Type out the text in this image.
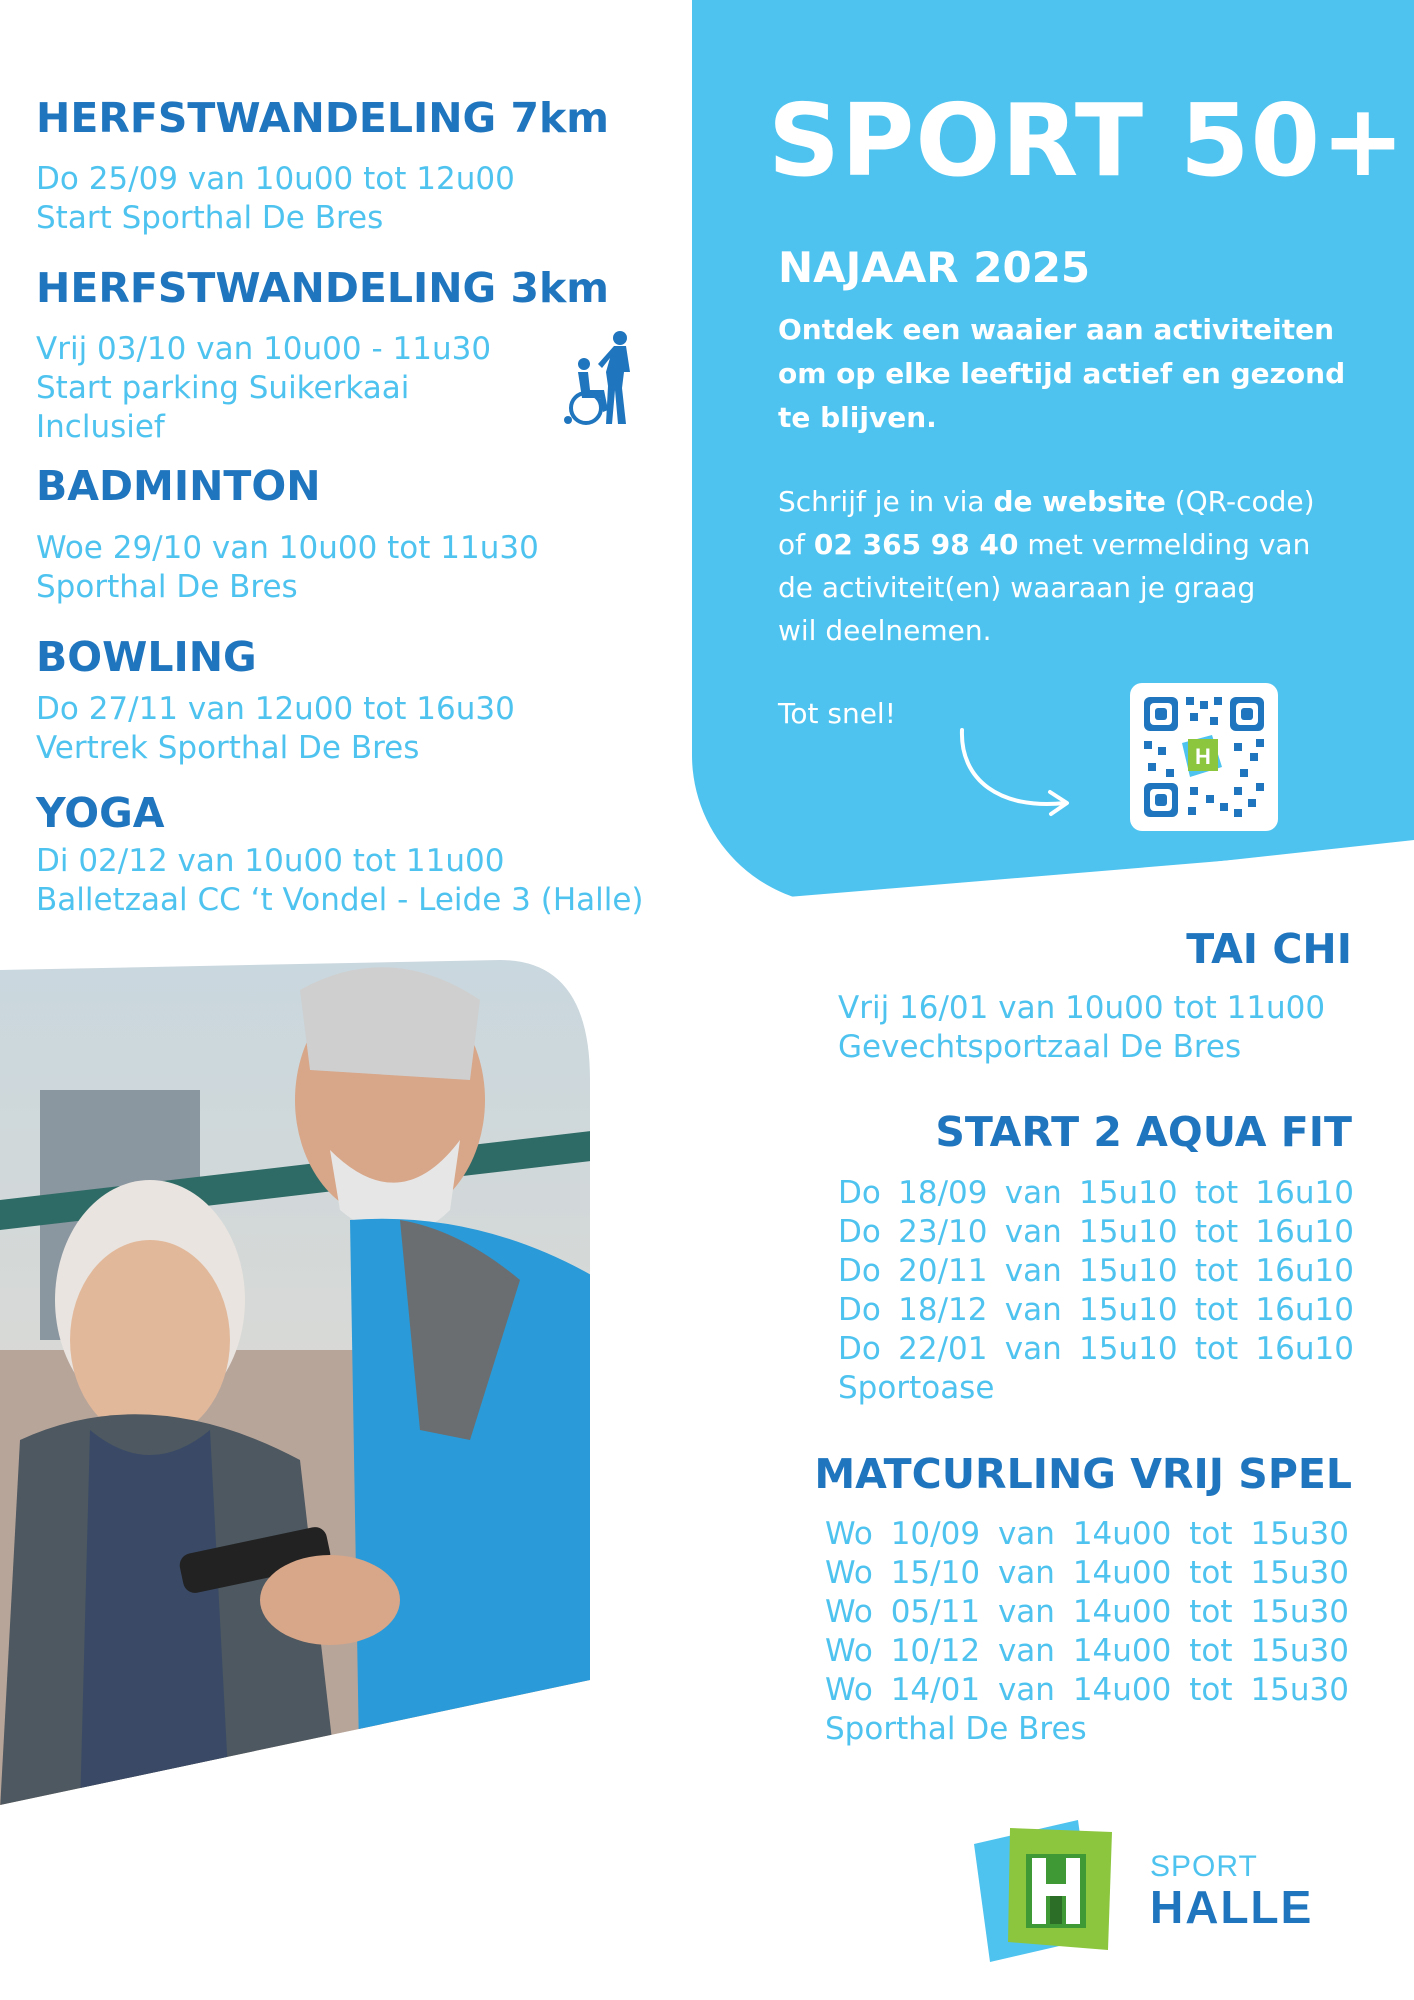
SPORT 50+
NAJAAR 2025
Ontdek een waaier aan activiteiten om op elke leeftijd actief en gezond te blijven.
Schrijf je in via de website (QR-code)
of 02 365 98 40 met vermelding van
de activiteit(en) waaraan je graag
wil deelnemen.
Tot snel!
H
HERFSTWANDELING 7km
Do 25/09 van 10u00 tot 12u00
Start Sporthal De Bres
HERFSTWANDELING 3km
Vrij 03/10 van 10u00 - 11u30
Start parking Suikerkaai
Inclusief
BADMINTON
Woe 29/10 van 10u00 tot 11u30
Sporthal De Bres
BOWLING
Do 27/11 van 12u00 tot 16u30
Vertrek Sporthal De Bres
YOGA
Di 02/12 van 10u00 tot 11u00
Balletzaal CC ‘t Vondel - Leide 3 (Halle)
TAI CHI
Vrij 16/01 van 10u00 tot 11u00
Gevechtsportzaal De Bres
START 2 AQUA FIT
Do 18/09 van 15u10 tot 16u10
Do 23/10 van 15u10 tot 16u10
Do 20/11 van 15u10 tot 16u10
Do 18/12 van 15u10 tot 16u10
Do 22/01 van 15u10 tot 16u10
Sportoase
MATCURLING VRIJ SPEL
Wo 10/09 van 14u00 tot 15u30
Wo 15/10 van 14u00 tot 15u30
Wo 05/11 van 14u00 tot 15u30
Wo 10/12 van 14u00 tot 15u30
Wo 14/01 van 14u00 tot 15u30
Sporthal De Bres
SPORT
HALLE
